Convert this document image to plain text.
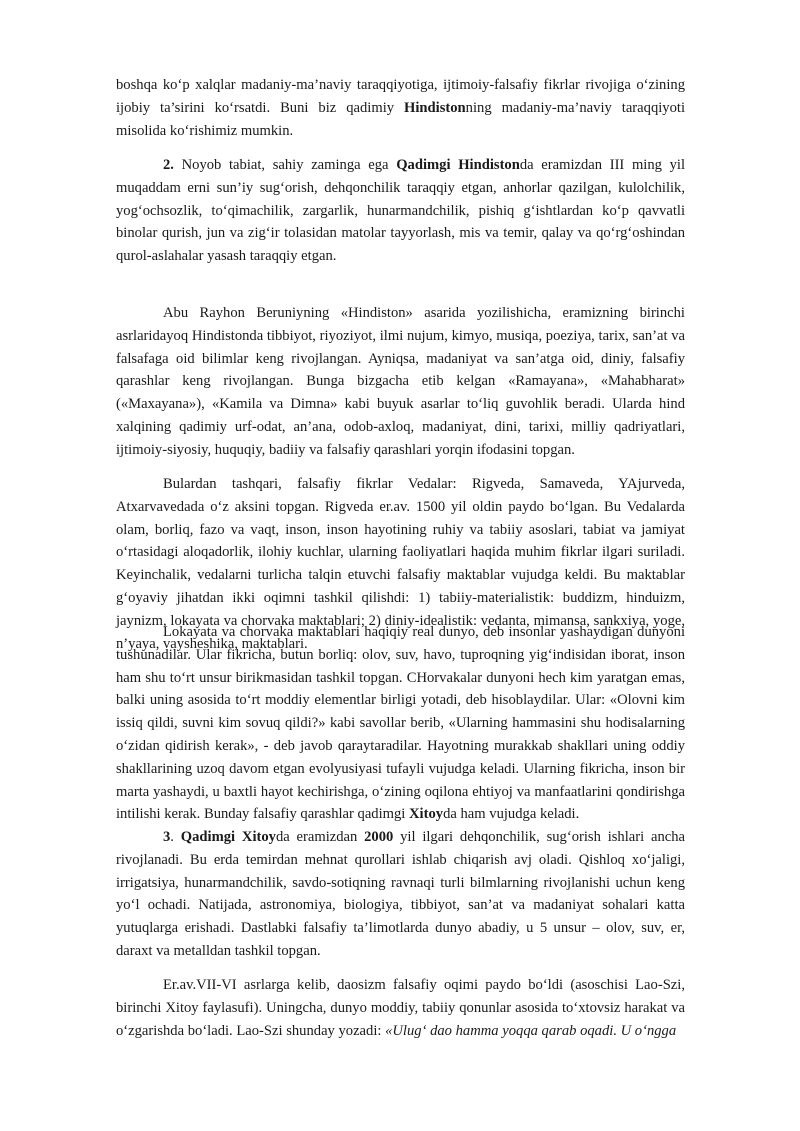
boshqa ko‘p xalqlar madaniy-ma’naviy taraqqiyotiga, ijtimoiy-falsafiy fikrlar rivojiga o‘zining ijobiy ta’sirini ko‘rsatdi. Buni biz qadimiy Hindistonning madaniy-ma’naviy taraqqiyoti misolida ko‘rishimiz mumkin.

2. Noyob tabiat, sahiy zaminga ega Qadimgi Hindistonda eramizdan III ming yil muqaddam erni sun’iy sug‘orish, dehqonchilik taraqqiy etgan, anhorlar qazilgan, kulolchilik, yog‘ochsozlik, to‘qimachilik, zargarlik, hunarmandchilik, pishiq g‘ishtlardan ko‘p qavvatli binolar qurish, jun va zig‘ir tolasidan matolar tayyorlash, mis va temir, qalay va qo‘rg‘oshindan qurol-aslahalar yasash taraqqiy etgan.

Abu Rayhon Beruniyning «Hindiston» asarida yozilishicha, eramizning birinchi asrlaridayoq Hindistonda tibbiyot, riyoziyot, ilmi nujum, kimyo, musiqa, poeziya, tarix, san’at va falsafaga oid bilimlar keng rivojlangan. Ayniqsa, madaniyat va san’atga oid, diniy, falsafiy qarashlar keng rivojlangan. Bunga bizgacha etib kelgan «Ramayana», «Mahabharat» («Maxayana»), «Kamila va Dimna» kabi buyuk asarlar to‘liq guvohlik beradi. Ularda hind xalqining qadimiy urf-odat, an’ana, odob-axloq, madaniyat, dini, tarixi, milliy qadriyatlari, ijtimoiy-siyosiy, huquqiy, badiiy va falsafiy qarashlari yorqin ifodasini topgan.

Bulardan tashqari, falsafiy fikrlar Vedalar: Rigveda, Samaveda, YAjurveda, Atxarvavedada o‘z aksini topgan. Rigveda er.av. 1500 yil oldin paydo bo‘lgan. Bu Vedalarda olam, borliq, fazo va vaqt, inson, inson hayotining ruhiy va tabiiy asoslari, tabiat va jamiyat o‘rtasidagi aloqadorlik, ilohiy kuchlar, ularning faoliyatlari haqida muhim fikrlar ilgari suriladi. Keyinchalik, vedalarni turlicha talqin etuvchi falsafiy maktablar vujudga keldi. Bu maktablar g‘oyaviy jihatdan ikki oqimni tashkil qilishdi: 1) tabiiy-materialistik: buddizm, hinduizm, jaynizm, lokayata va chorvaka maktablari; 2) diniy-idealistik: vedanta, mimansa, sankxiya, yoge, n’yaya, vaysheshika, maktablari.

Lokayata va chorvaka maktablari haqiqiy real dunyo, deb insonlar yashaydigan dunyoni tushunadilar. Ular fikricha, butun borliq: olov, suv, havo, tuproqning yig‘indisidan iborat, inson ham shu to‘rt unsur birikmasidan tashkil topgan. CHorvakalar dunyoni hech kim yaratgan emas, balki uning asosida to‘rt moddiy elementlar birligi yotadi, deb hisoblaydilar. Ular: «Olovni kim issiq qildi, suvni kim sovuq qildi?» kabi savollar berib, «Ularning hammasini shu hodisalarning o‘zidan qidirish kerak», - deb javob qaraytaradilar. Hayotning murakkab shakllari uning oddiy shakllarining uzoq davom etgan evolyusiyasi tufayli vujudga keladi. Ularning fikricha, inson bir marta yashaydi, u baxtli hayot kechirishga, o‘zining oqilona ehtiyoj va manfaatlarini qondirishga intilishi kerak. Bunday falsafiy qarashlar qadimgi Xitoyda ham vujudga keladi.

3. Qadimgi Xitoyda eramizdan 2000 yil ilgari dehqonchilik, sug‘orish ishlari ancha rivojlanadi. Bu erda temirdan mehnat qurollari ishlab chiqarish avj oladi. Qishloq xo‘jaligi, irrigatsiya, hunarmandchilik, savdo-sotiqning ravnaqi turli bilmlarning rivojlanishi uchun keng yo‘l ochadi. Natijada, astronomiya, biologiya, tibbiyot, san’at va madaniyat sohalari katta yutuqlarga erishadi. Dastlabki falsafiy ta’limotlarda dunyo abadiy, u 5 unsur – olov, suv, er, daraxt va metalldan tashkil topgan.

Er.av.VII-VI asrlarga kelib, daosizm falsafiy oqimi paydo bo‘ldi (asoschisi Lao-Szi, birinchi Xitoy faylasufi). Uningcha, dunyo moddiy, tabiiy qonunlar asosida to‘xtovsiz harakat va o‘zgarishda bo‘ladi. Lao-Szi shunday yozadi: «Ulug‘ dao hamma yoqqa qarab oqadi. U o‘ngga
